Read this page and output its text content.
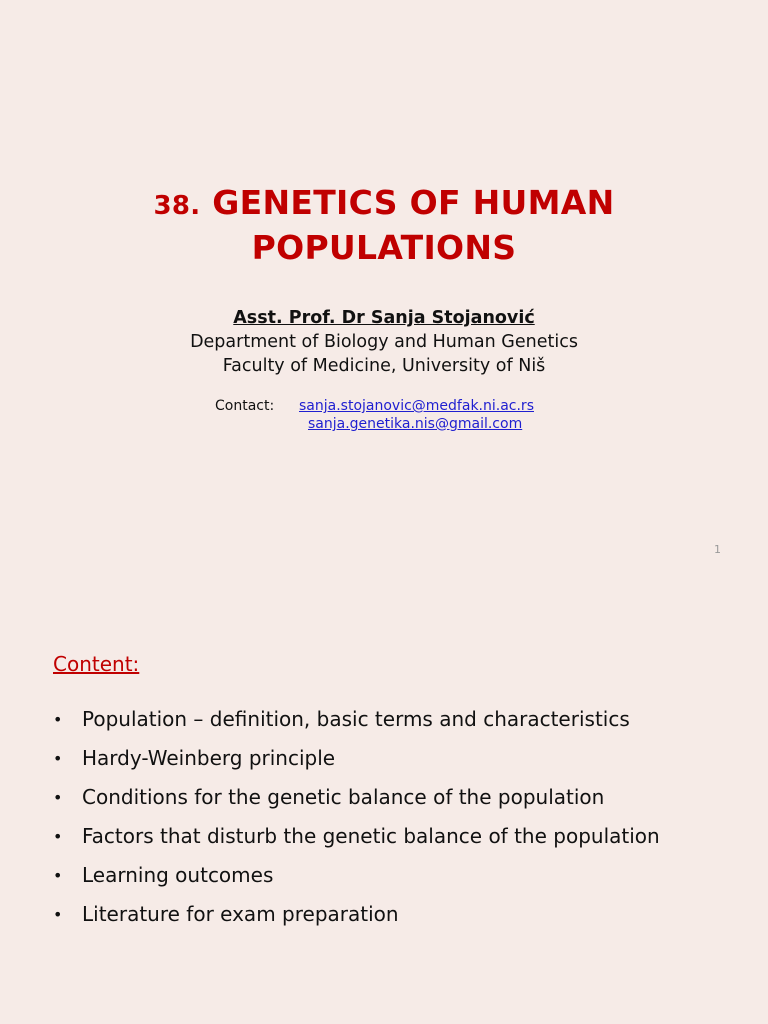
38. GENETICS OF HUMAN
POPULATIONS
Asst. Prof. Dr Sanja Stojanović
Department of Biology and Human Genetics
Faculty of Medicine, University of Niš
Contact: sanja.stojanovic@medfak.ni.ac.rs
sanja.genetika.nis@gmail.com
1
Content:
• Population – definition, basic terms and characteristics
• Hardy-Weinberg principle
• Conditions for the genetic balance of the population
• Factors that disturb the genetic balance of the population
• Learning outcomes
• Literature for exam preparation
